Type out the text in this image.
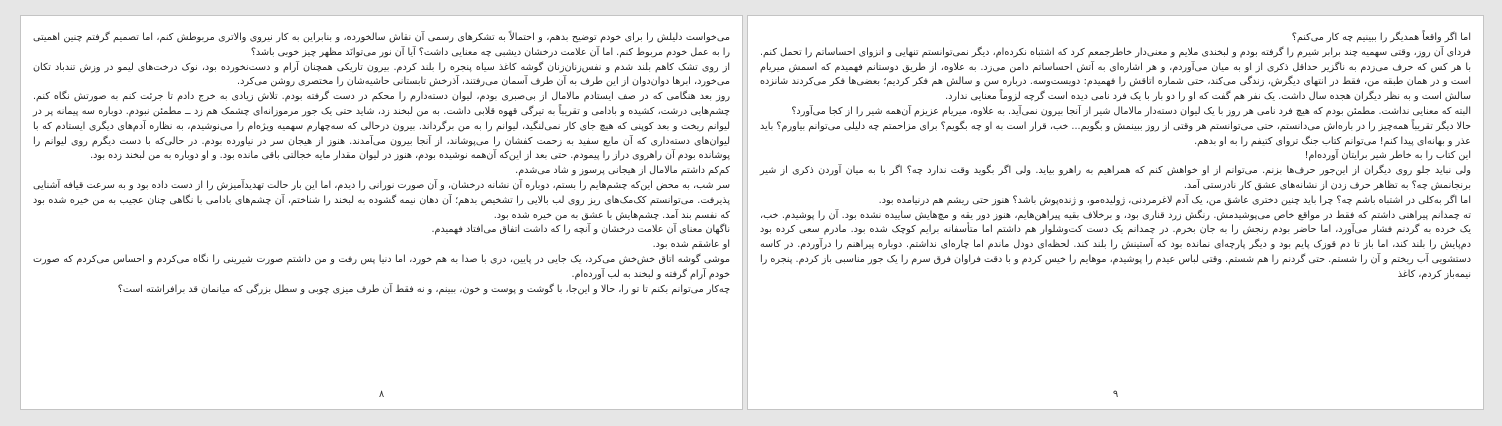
می‌خواست دلیلش را برای خودم توضیح بدهم، و احتمالاً به تشکرهای رسمی آن نقاش سالخورده، و بنابراین به کار نیروی والاتری مربوطش کنم، اما تصمیم گرفتم چنین اهمیتی را به عمل خودم مربوط کنم. اما آن علامت درخشان دیشبی چه معنایی داشت؟ آیا آن نور می‌توانَد مظهر چیز خوبی باشد؟

از روی تشک کاهم بلند شدم و نفس‌زنان‌زنان گوشه کاغذ سیاه پنجره را بلند کردم. بیرون تاریکی همچنان آرام و دست‌نخورده بود، نوک درخت‌های لیمو در وزش تندباد تکان می‌خورد، ابرها دوان‌دوان از این طرف به آن طرف آسمان می‌رفتند، آذرخش تابستانی حاشیه‌شان را مختصری روشن می‌کرد.

روز بعد هنگامی که در صف ایستادم مالامال از بی‌صبری بودم، لیوان دسته‌دارم را محکم در دست گرفته بودم. تلاش زیادی به خرج دادم تا جرئت کنم به صورتش نگاه کنم. چشم‌هایی درشت، کشیده و بادامی و تقریباً به تیرگی قهوه قلابی داشت. به من لبخند زد، شاید حتی یک جور مرموزانه‌ای چشمک هم زد ــ مطمئن نبودم. دوباره سه پیمانه پر در لیوانم ریخت و بعد کوپنی که هیچ جای کار نمی‌لنگید، لیوانم را به من برگرداند. بیرون درحالی که سه‌چهارم سهمیه ویژه‌ام را می‌نوشیدم، به نظاره آدم‌های دیگری ایستادم که با لیوان‌های دسته‌داری که آن مایع سفید به زحمت کفشان را می‌پوشاند، از آنجا بیرون می‌آمدند. هنوز از هیجان سر در نیاورده بودم. در حالی‌که با دست دیگرم روی لیوانم را پوشانده بودم آن راهروی دراز را پیمودم. حتی بعد از این‌که آن‌همه نوشیده بودم، هنوز در لیوان مقدار مایه خجالتی باقی مانده بود. و او دوباره به من لبخند زده بود.

کم‌کم داشتم مالامال از هیجانی پرسوز و شاد می‌شدم.

سر شب، به محض این‌که چشم‌هایم را بستم، دوباره آن نشانه درخشان، و آن صورت نورانی را دیدم، اما این بار حالت تهدیدآمیزش را از دست داده بود و به سرعت قیافه آشنایی پذیرفت. می‌توانستم کک‌مک‌های ریز روی لب بالایی را تشخیص بدهم؛ آن دهان نیمه گشوده به لبخند را شناختم، آن چشم‌های بادامی با نگاهی چنان عجیب به من خیره شده بود که نفسم بند آمد. چشم‌هایش با عشق به من خیره شده بود.

ناگهان معنای آن علامت درخشان و آنچه را که داشت اتفاق می‌افتاد فهمیدم.

او عاشقم شده بود.

موشی گوشه اتاق خش‌خش می‌کرد، یک جایی در پایین، دری با صدا به هم خورد، اما دنیا پس رفت و من داشتم صورت شیرینی را نگاه می‌کردم و احساس می‌کردم که صورت خودم آرام گرفته و لبخند به لب آورده‌ام.

چه‌کار می‌توانم بکنم تا تو را، حالا و این‌جا، با گوشت و پوست و خون، ببینم، و نه فقط آن طرف میزی چوبی و سطل بزرگی که میانمان قد برافراشته است؟

۸

اما اگر واقعاً همدیگر را ببینیم چه کار می‌کنم؟

فردای آن روز، وقتی سهمیه چند برابر شیرم را گرفته بودم و لبخندی ملایم و معنی‌دار خاطرجمعم کرد که اشتباه نکرده‌ام، دیگر نمی‌توانستم تنهایی و انزوای احساساتم را تحمل کنم. با هر کس که حرف می‌زدم به ناگزیر حداقل ذکری از او به میان می‌آوردم، و هر اشاره‌ای به آتش احساساتم دامن می‌زد. به علاوه، از طریق دوستانم فهمیدم که اسمش میریام است و در همان طبقه من، فقط در انتهای دیگرش، زندگی می‌کند، حتی شماره اتاقش را فهمیدم: دویست‌وسه. درباره سن و سالش هم فکر کردیم؛ بعضی‌ها فکر می‌کردند شانزده سالش است و به نظر دیگران هجده سال داشت. یک نفر هم گفت که او را دو بار با یک فرد نامی دیده است گرچه لزوماً معنایی ندارد.

البته که معنایی نداشت. مطمئن بودم که هیچ فرد نامی هر روز با یک لیوان دسته‌دار مالامال شیر از آنجا بیرون نمی‌آید. به علاوه، میریام عزیزم آن‌همه شیر را از کجا می‌آورد؟

حالا دیگر تقریباً همه‌چیز را در باره‌اش می‌دانستم، حتی می‌توانستم هر وقتی از روز ببینمش و بگویم... خب، قرار است به او چه بگویم؟ برای مزاحمتم چه دلیلی می‌توانم بیاورم؟ باید عذر و بهانه‌ای پیدا کنم! می‌توانم کتاب جنگ تروای کتیفم را به او بدهم.

این کتاب را به خاطر شیر برایتان آورده‌ام!

ولی نباید جلو روی دیگران از این‌جور حرف‌ها بزنم. می‌توانم از او خواهش کنم که همراهیم به راهرو بیاید. ولی اگر بگوید وقت ندارد چه؟ اگر با به میان آوردن ذکری از شیر برنجانمش چه؟ به تظاهر حرف زدن از نشانه‌های عشق کار نادرستی آمد.

اما اگر به‌کلی در اشتباه باشم چه؟ چرا باید چنین دختری عاشق من، یک آدم لاغرمردنی، ژولیده‌مو، و ژنده‌پوش باشد؟ هنوز حتی ریشم هم درنیامده بود.

ته چمدانم پیراهنی داشتم که فقط در مواقع خاص می‌پوشیدمش. رنگش زرد قناری بود، و برخلاف بقیه پیراهن‌هایم، هنوز دور یقه و مچ‌هایش ساییده نشده بود. آن را پوشیدم. خب، یک خرده به گردنم فشار می‌آورد، اما حاضر بودم رنجش را به جان بخرم. در چمدانم یک دست کت‌وشلوار هم داشتم اما متأسفانه برایم کوچک شده بود. مادرم سعی کرده بود دم‌پایش را بلند کند، اما باز تا دم قوزک پایم بود و دیگر پارچه‌ای نمانده بود که آستینش را بلند کند. لحظه‌ای دودل ماندم اما چاره‌ای نداشتم. دوباره پیراهنم را درآوردم. در کاسه دستشویی آب ریختم و آن را شستم. حتی گردنم را هم شستم. وقتی لباس عیدم را پوشیدم، موهایم را خیس کردم و با دقت فراوان فرق سرم را یک جور مناسبی باز کردم. پنجره را نیمه‌باز کردم، کاغذ

۹
